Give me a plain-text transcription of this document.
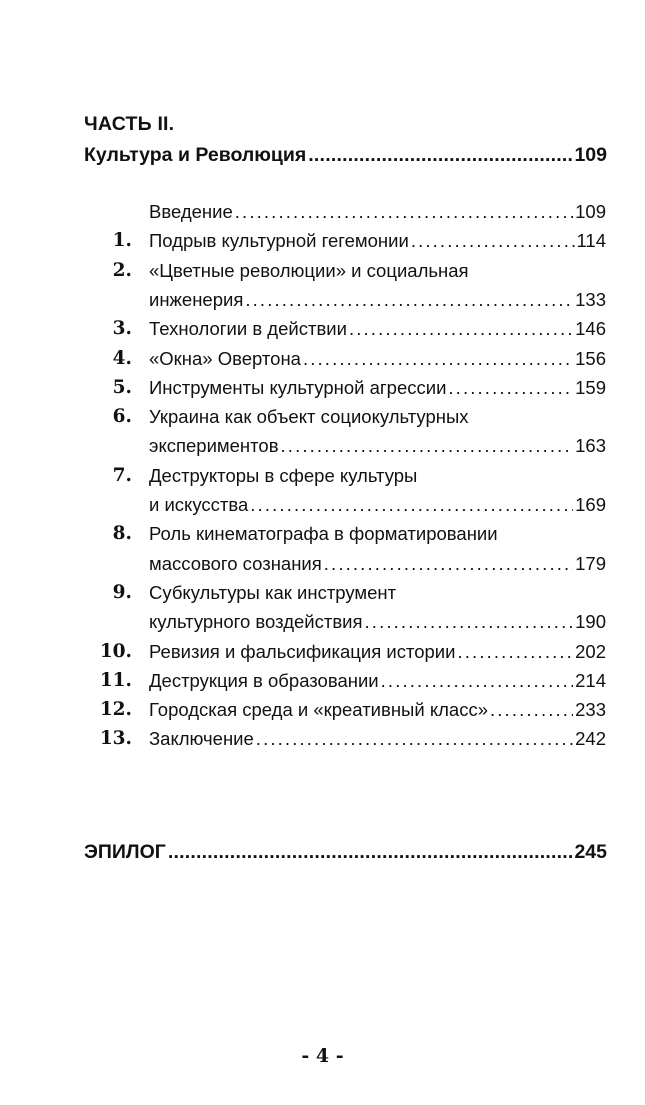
ЧАСТЬ II.
Культура и Революция . . .	109
Введение . . .	109
1. Подрыв культурной гегемонии . . .	114
2. «Цветные революции» и социальная
инженерия . . .	133
3. Технологии в действии . . .	146
4. «Окна» Овертона . . .	156
5. Инструменты культурной агрессии . . .	159
6. Украина как объект социокультурных
экспериментов . . .	163
7. Деструкторы в сфере культуры
и искусства . . .	169
8. Роль кинематографа в форматировании
массового сознания . . .	179
9. Субкультуры как инструмент
культурного воздействия . . .	190
10. Ревизия и фальсификация истории . . .	202
11. Деструкция в образовании . . .	214
12. Городская среда и «креативный класс» . . .	233
13. Заключение . . .	242
ЭПИЛОГ . . .	245
- 4 -
